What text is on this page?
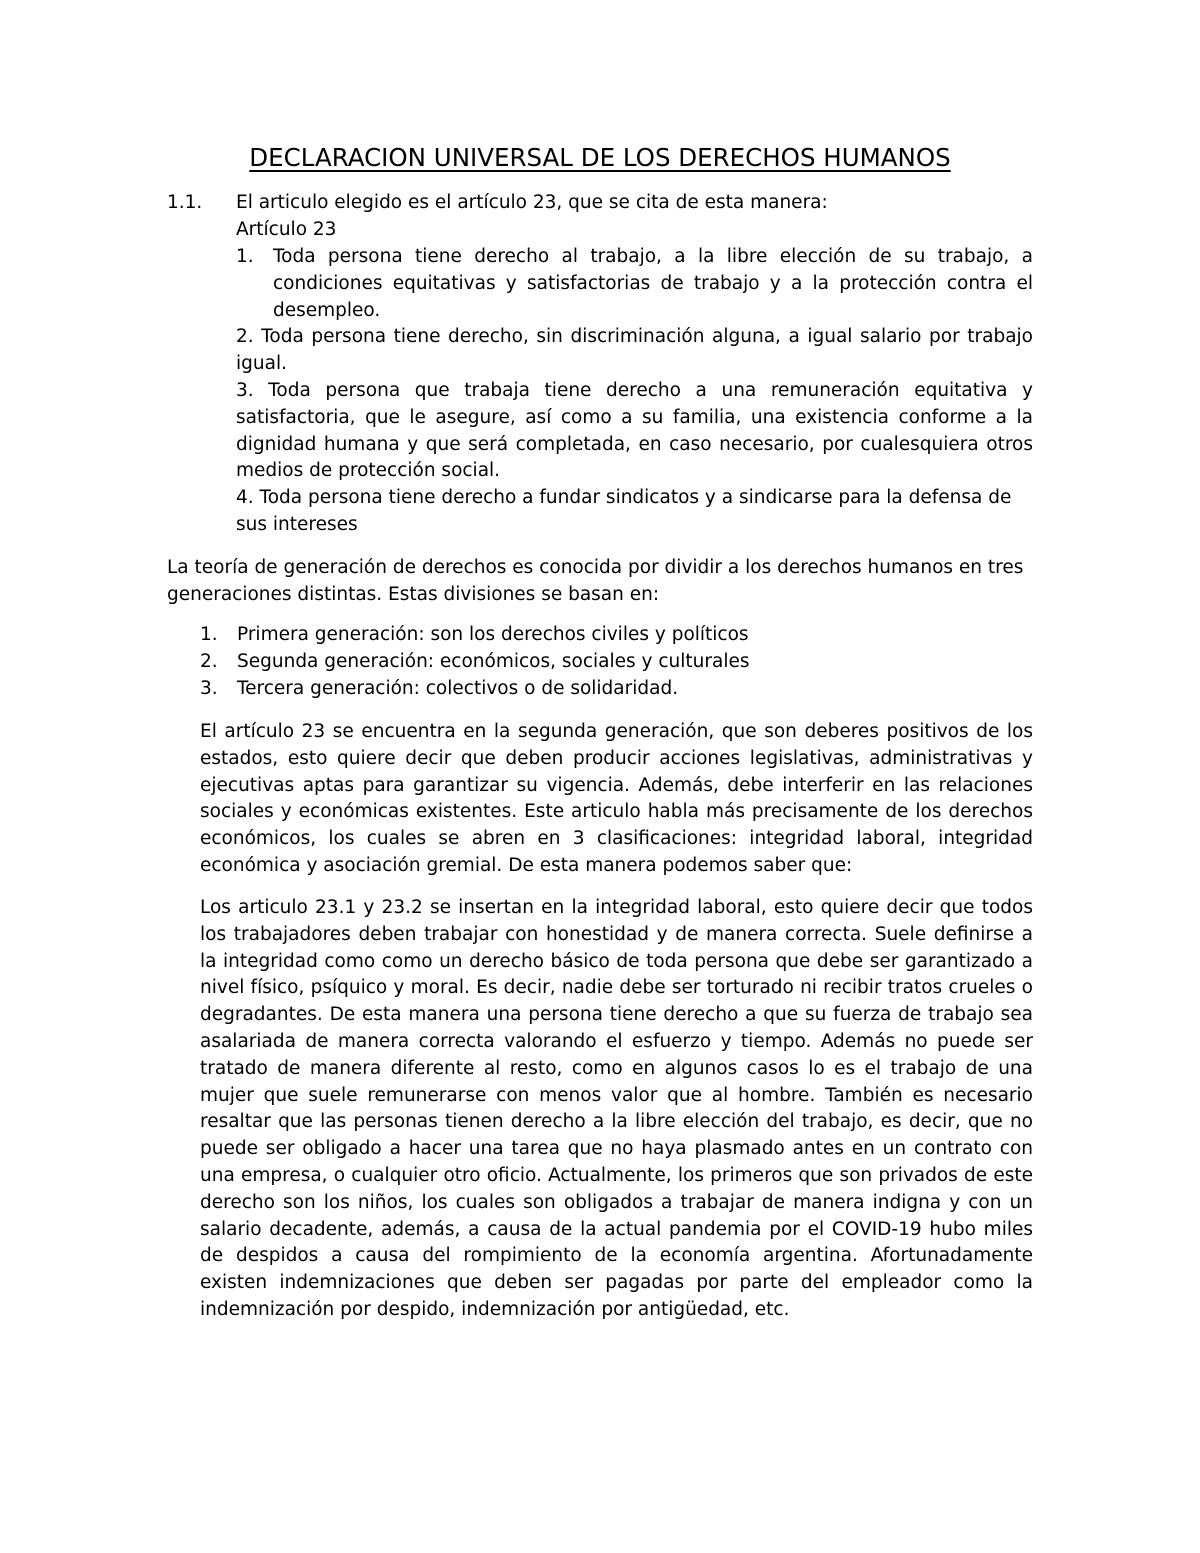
DECLARACION UNIVERSAL DE LOS DERECHOS HUMANOS
1.1. El articulo elegido es el artículo 23, que se cita de esta manera:

Artículo 23

1. Toda persona tiene derecho al trabajo, a la libre elección de su trabajo, a condiciones equitativas y satisfactorias de trabajo y a la protección contra el desempleo.

2. Toda persona tiene derecho, sin discriminación alguna, a igual salario por trabajo igual.

3. Toda persona que trabaja tiene derecho a una remuneración equitativa y satisfactoria, que le asegure, así como a su familia, una existencia conforme a la dignidad humana y que será completada, en caso necesario, por cualesquiera otros medios de protección social.

4. Toda persona tiene derecho a fundar sindicatos y a sindicarse para la defensa de sus intereses

La teoría de generación de derechos es conocida por dividir a los derechos humanos en tres generaciones distintas. Estas divisiones se basan en:

1. Primera generación: son los derechos civiles y políticos
2. Segunda generación: económicos, sociales y culturales
3. Tercera generación: colectivos o de solidaridad.

El artículo 23 se encuentra en la segunda generación, que son deberes positivos de los estados, esto quiere decir que deben producir acciones legislativas, administrativas y ejecutivas aptas para garantizar su vigencia. Además, debe interferir en las relaciones sociales y económicas existentes. Este articulo habla más precisamente de los derechos económicos, los cuales se abren en 3 clasificaciones: integridad laboral, integridad económica y asociación gremial. De esta manera podemos saber que:

Los articulo 23.1 y 23.2 se insertan en la integridad laboral, esto quiere decir que todos los trabajadores deben trabajar con honestidad y de manera correcta. Suele definirse a la integridad como como un derecho básico de toda persona que debe ser garantizado a nivel físico, psíquico y moral. Es decir, nadie debe ser torturado ni recibir tratos crueles o degradantes. De esta manera una persona tiene derecho a que su fuerza de trabajo sea asalariada de manera correcta valorando el esfuerzo y tiempo. Además no puede ser tratado de manera diferente al resto, como en algunos casos lo es el trabajo de una mujer que suele remunerarse con menos valor que al hombre. También es necesario resaltar que las personas tienen derecho a la libre elección del trabajo, es decir, que no puede ser obligado a hacer una tarea que no haya plasmado antes en un contrato con una empresa, o cualquier otro oficio. Actualmente, los primeros que son privados de este derecho son los niños, los cuales son obligados a trabajar de manera indigna y con un salario decadente, además, a causa de la actual pandemia por el COVID-19 hubo miles de despidos a causa del rompimiento de la economía argentina. Afortunadamente existen indemnizaciones que deben ser pagadas por parte del empleador como la indemnización por despido, indemnización por antigüedad, etc.
